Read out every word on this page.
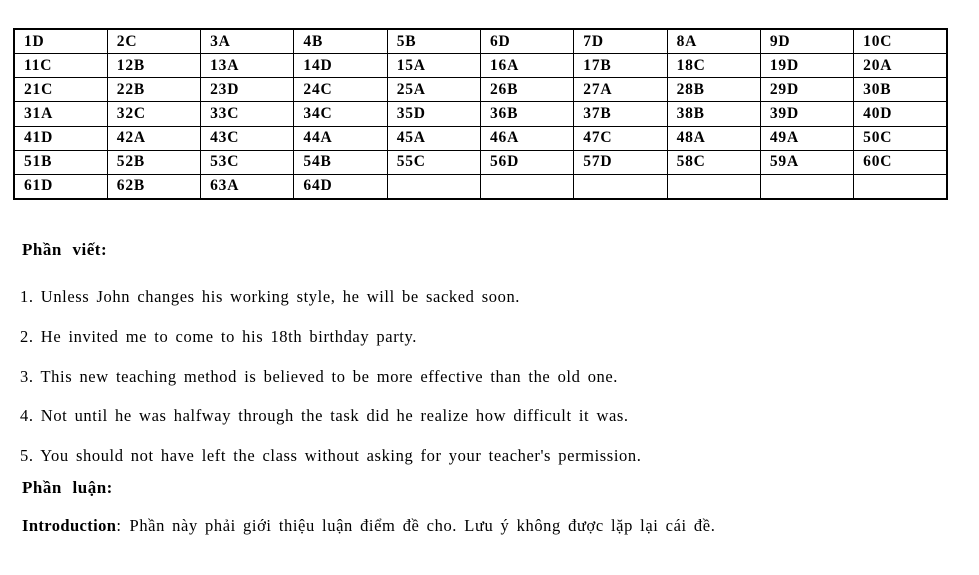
1D	2C	3A	4B	5B	6D	7D	8A	9D	10C
11C	12B	13A	14D	15A	16A	17B	18C	19D	20A
21C	22B	23D	24C	25A	26B	27A	28B	29D	30B
31A	32C	33C	34C	35D	36B	37B	38B	39D	40D
41D	42A	43C	44A	45A	46A	47C	48A	49A	50C
51B	52B	53C	54B	55C	56D	57D	58C	59A	60C
61D	62B	63A	64D						
Phần viết:
1. Unless John changes his working style, he will be sacked soon.
2. He invited me to come to his 18th birthday party.
3. This new teaching method is believed to be more effective than the old one.
4. Not until he was halfway through the task did he realize how difficult it was.
5. You should not have left the class without asking for your teacher's permission.
Phần luận:
Introduction: Phần này phải giới thiệu luận điểm đề cho. Lưu ý không được lặp lại cái đề.
